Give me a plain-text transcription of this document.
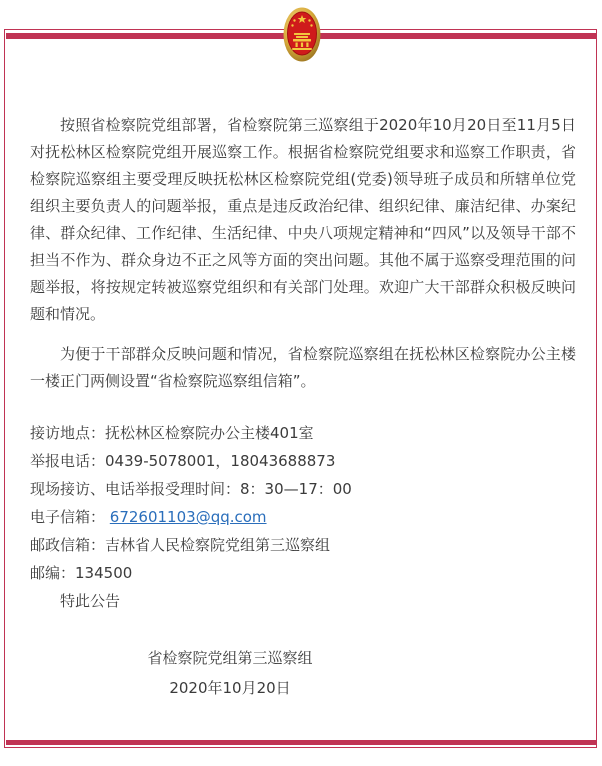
按照省检察院党组部署，省检察院第三巡察组于2020年10月20日至11月5日对抚松林区检察院党组开展巡察工作。根据省检察院党组要求和巡察工作职责，省检察院巡察组主要受理反映抚松林区检察院党组(党委)领导班子成员和所辖单位党组织主要负责人的问题举报，重点是违反政治纪律、组织纪律、廉洁纪律、办案纪律、群众纪律、工作纪律、生活纪律、中央八项规定精神和“四风”以及领导干部不担当不作为、群众身边不正之风等方面的突出问题。其他不属于巡察受理范围的问题举报，将按规定转被巡察党组织和有关部门处理。欢迎广大干部群众积极反映问题和情况。

为便于干部群众反映问题和情况，省检察院巡察组在抚松林区检察院办公主楼一楼正门两侧设置“省检察院巡察组信箱”。

接访地点：抚松林区检察院办公主楼401室
举报电话：0439-5078001，18043688873
现场接访、电话举报受理时间：8：30—17：00
电子信箱： 672601103@qq.com
邮政信箱：吉林省人民检察院党组第三巡察组
邮编：134500
特此公告
省检察院党组第三巡察组
2020年10月20日
